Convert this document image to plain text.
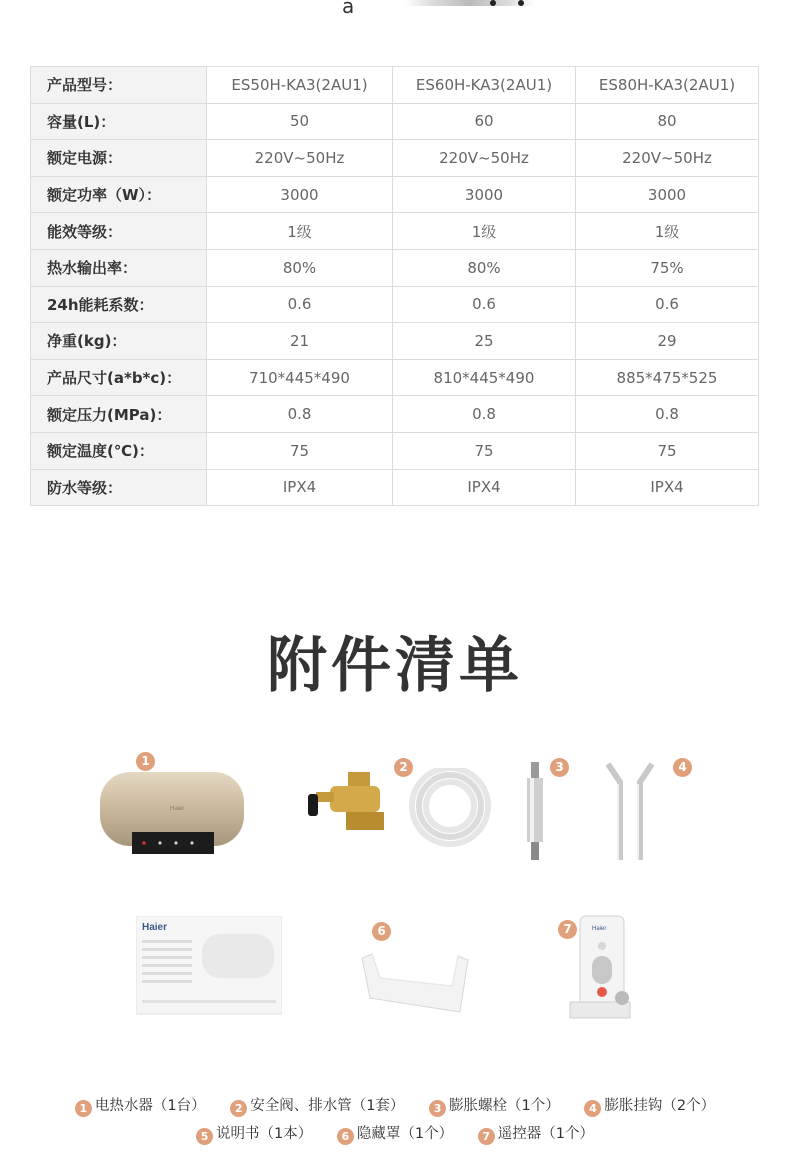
a
产品型号：	ES50H-KA3(2AU1)	ES60H-KA3(2AU1)	ES80H-KA3(2AU1)
容量(L)：	50	60	80
额定电源：	220V~50Hz	220V~50Hz	220V~50Hz
额定功率（W）：	3000	3000	3000
能效等级：	1级	1级	1级
热水输出率：	80%	80%	75%
24h能耗系数：	0.6	0.6	0.6
净重(kg)：	21	25	29
产品尺寸(a*b*c)：	710*445*490	810*445*490	885*475*525
额定压力(MPa)：	0.8	0.8	0.8
额定温度(℃)：	75	75	75
防水等级：	IPX4	IPX4	IPX4
附件清单
1
Haier
2	3	4
Haier	6	7	Haier
1 电热水器（1台）	2 安全阀、排水管（1套）	3 膨胀螺栓（1个）	4 膨胀挂钩（2个）
5 说明书（1本）	6 隐藏罩（1个）	7 遥控器（1个）
